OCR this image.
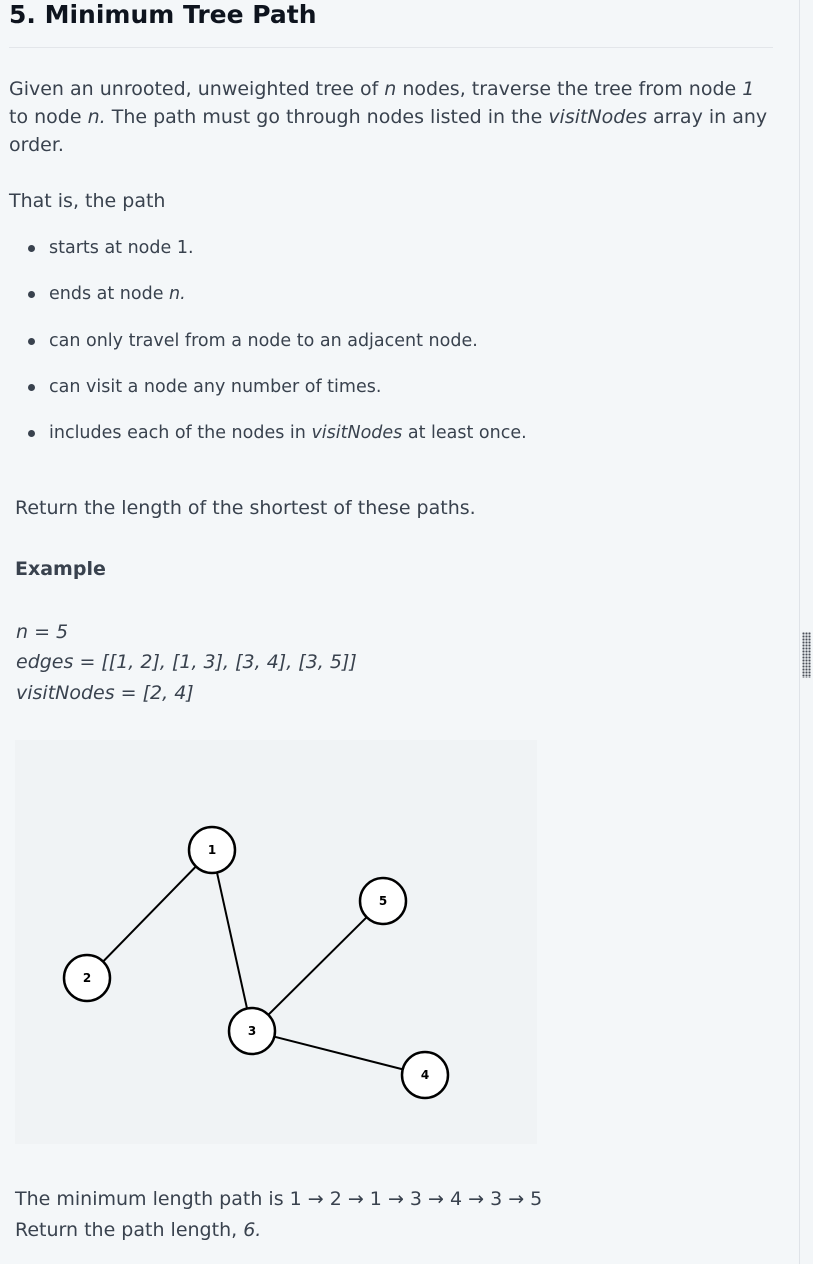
5. Minimum Tree Path

Given an unrooted, unweighted tree of n nodes, traverse the tree from node 1 to node n. The path must go through nodes listed in the visitNodes array in any order.

That is, the path

starts at node 1.
ends at node n.
can only travel from a node to an adjacent node.
can visit a node any number of times.
includes each of the nodes in visitNodes at least once.

Return the length of the shortest of these paths.

Example
n = 5
edges = [[1, 2], [1, 3], [3, 4], [3, 5]]
visitNodes = [2, 4]
1
2
3
4
5

The minimum length path is 1 → 2 → 1 → 3 → 4 → 3 → 5

Return the path length, 6.
